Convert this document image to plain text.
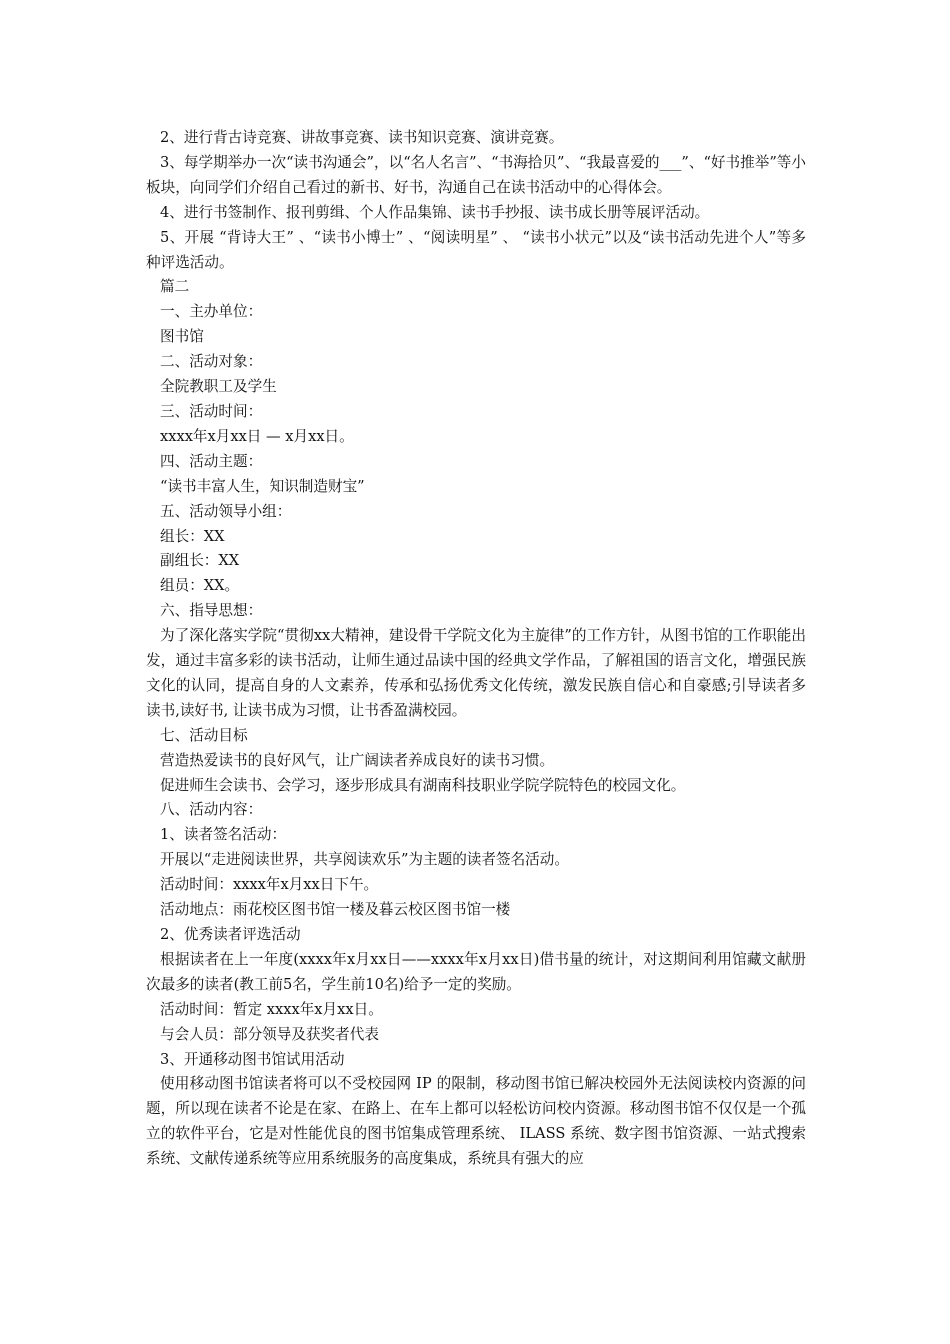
2、进行背古诗竞赛、讲故事竞赛、读书知识竞赛、演讲竞赛。

3、每学期举办一次“读书沟通会”，以“名人名言”、“书海拾贝”、“我最喜爱的___”、“好书推举”等小板块，向同学们介绍自己看过的新书、好书，沟通自己在读书活动中的心得体会。

4、进行书签制作、报刊剪缉、个人作品集锦、读书手抄报、读书成长册等展评活动。

5、开展 “背诗大王” 、“读书小博士” 、“阅读明星” 、 “读书小状元”以及“读书活动先进个人”等多种评选活动。

篇二

一、主办单位：

图书馆

二、活动对象：

全院教职工及学生

三、活动时间：

xxxx年x月xx日 — x月xx日。

四、活动主题：

“读书丰富人生，知识制造财宝”

五、活动领导小组：

组长：XX

副组长：XX

组员：XX。

六、指导思想：

为了深化落实学院“贯彻xx大精神，建设骨干学院文化为主旋律”的工作方针，从图书馆的工作职能出发，通过丰富多彩的读书活动，让师生通过品读中国的经典文学作品，了解祖国的语言文化，增强民族文化的认同，提高自身的人文素养，传承和弘扬优秀文化传统，激发民族自信心和自豪感;引导读者多读书,读好书, 让读书成为习惯，让书香盈满校园。

七、活动目标

营造热爱读书的良好风气，让广阔读者养成良好的读书习惯。

促进师生会读书、会学习，逐步形成具有湖南科技职业学院学院特色的校园文化。

八、活动内容：

1、读者签名活动：

开展以“走进阅读世界，共享阅读欢乐”为主题的读者签名活动。

活动时间：xxxx年x月xx日下午。

活动地点：雨花校区图书馆一楼及暮云校区图书馆一楼

2、优秀读者评选活动

根据读者在上一年度(xxxx年x月xx日——xxxx年x月xx日)借书量的统计，对这期间利用馆藏文献册次最多的读者(教工前5名，学生前10名)给予一定的奖励。

活动时间：暂定 xxxx年x月xx日。

与会人员：部分领导及获奖者代表

3、开通移动图书馆试用活动

使用移动图书馆读者将可以不受校园网 IP 的限制，移动图书馆已解决校园外无法阅读校内资源的问题，所以现在读者不论是在家、在路上、在车上都可以轻松访问校内资源。移动图书馆不仅仅是一个孤立的软件平台，它是对性能优良的图书馆集成管理系统、 ILASS 系统、数字图书馆资源、一站式搜索系统、文献传递系统等应用系统服务的高度集成，系统具有强大的应
